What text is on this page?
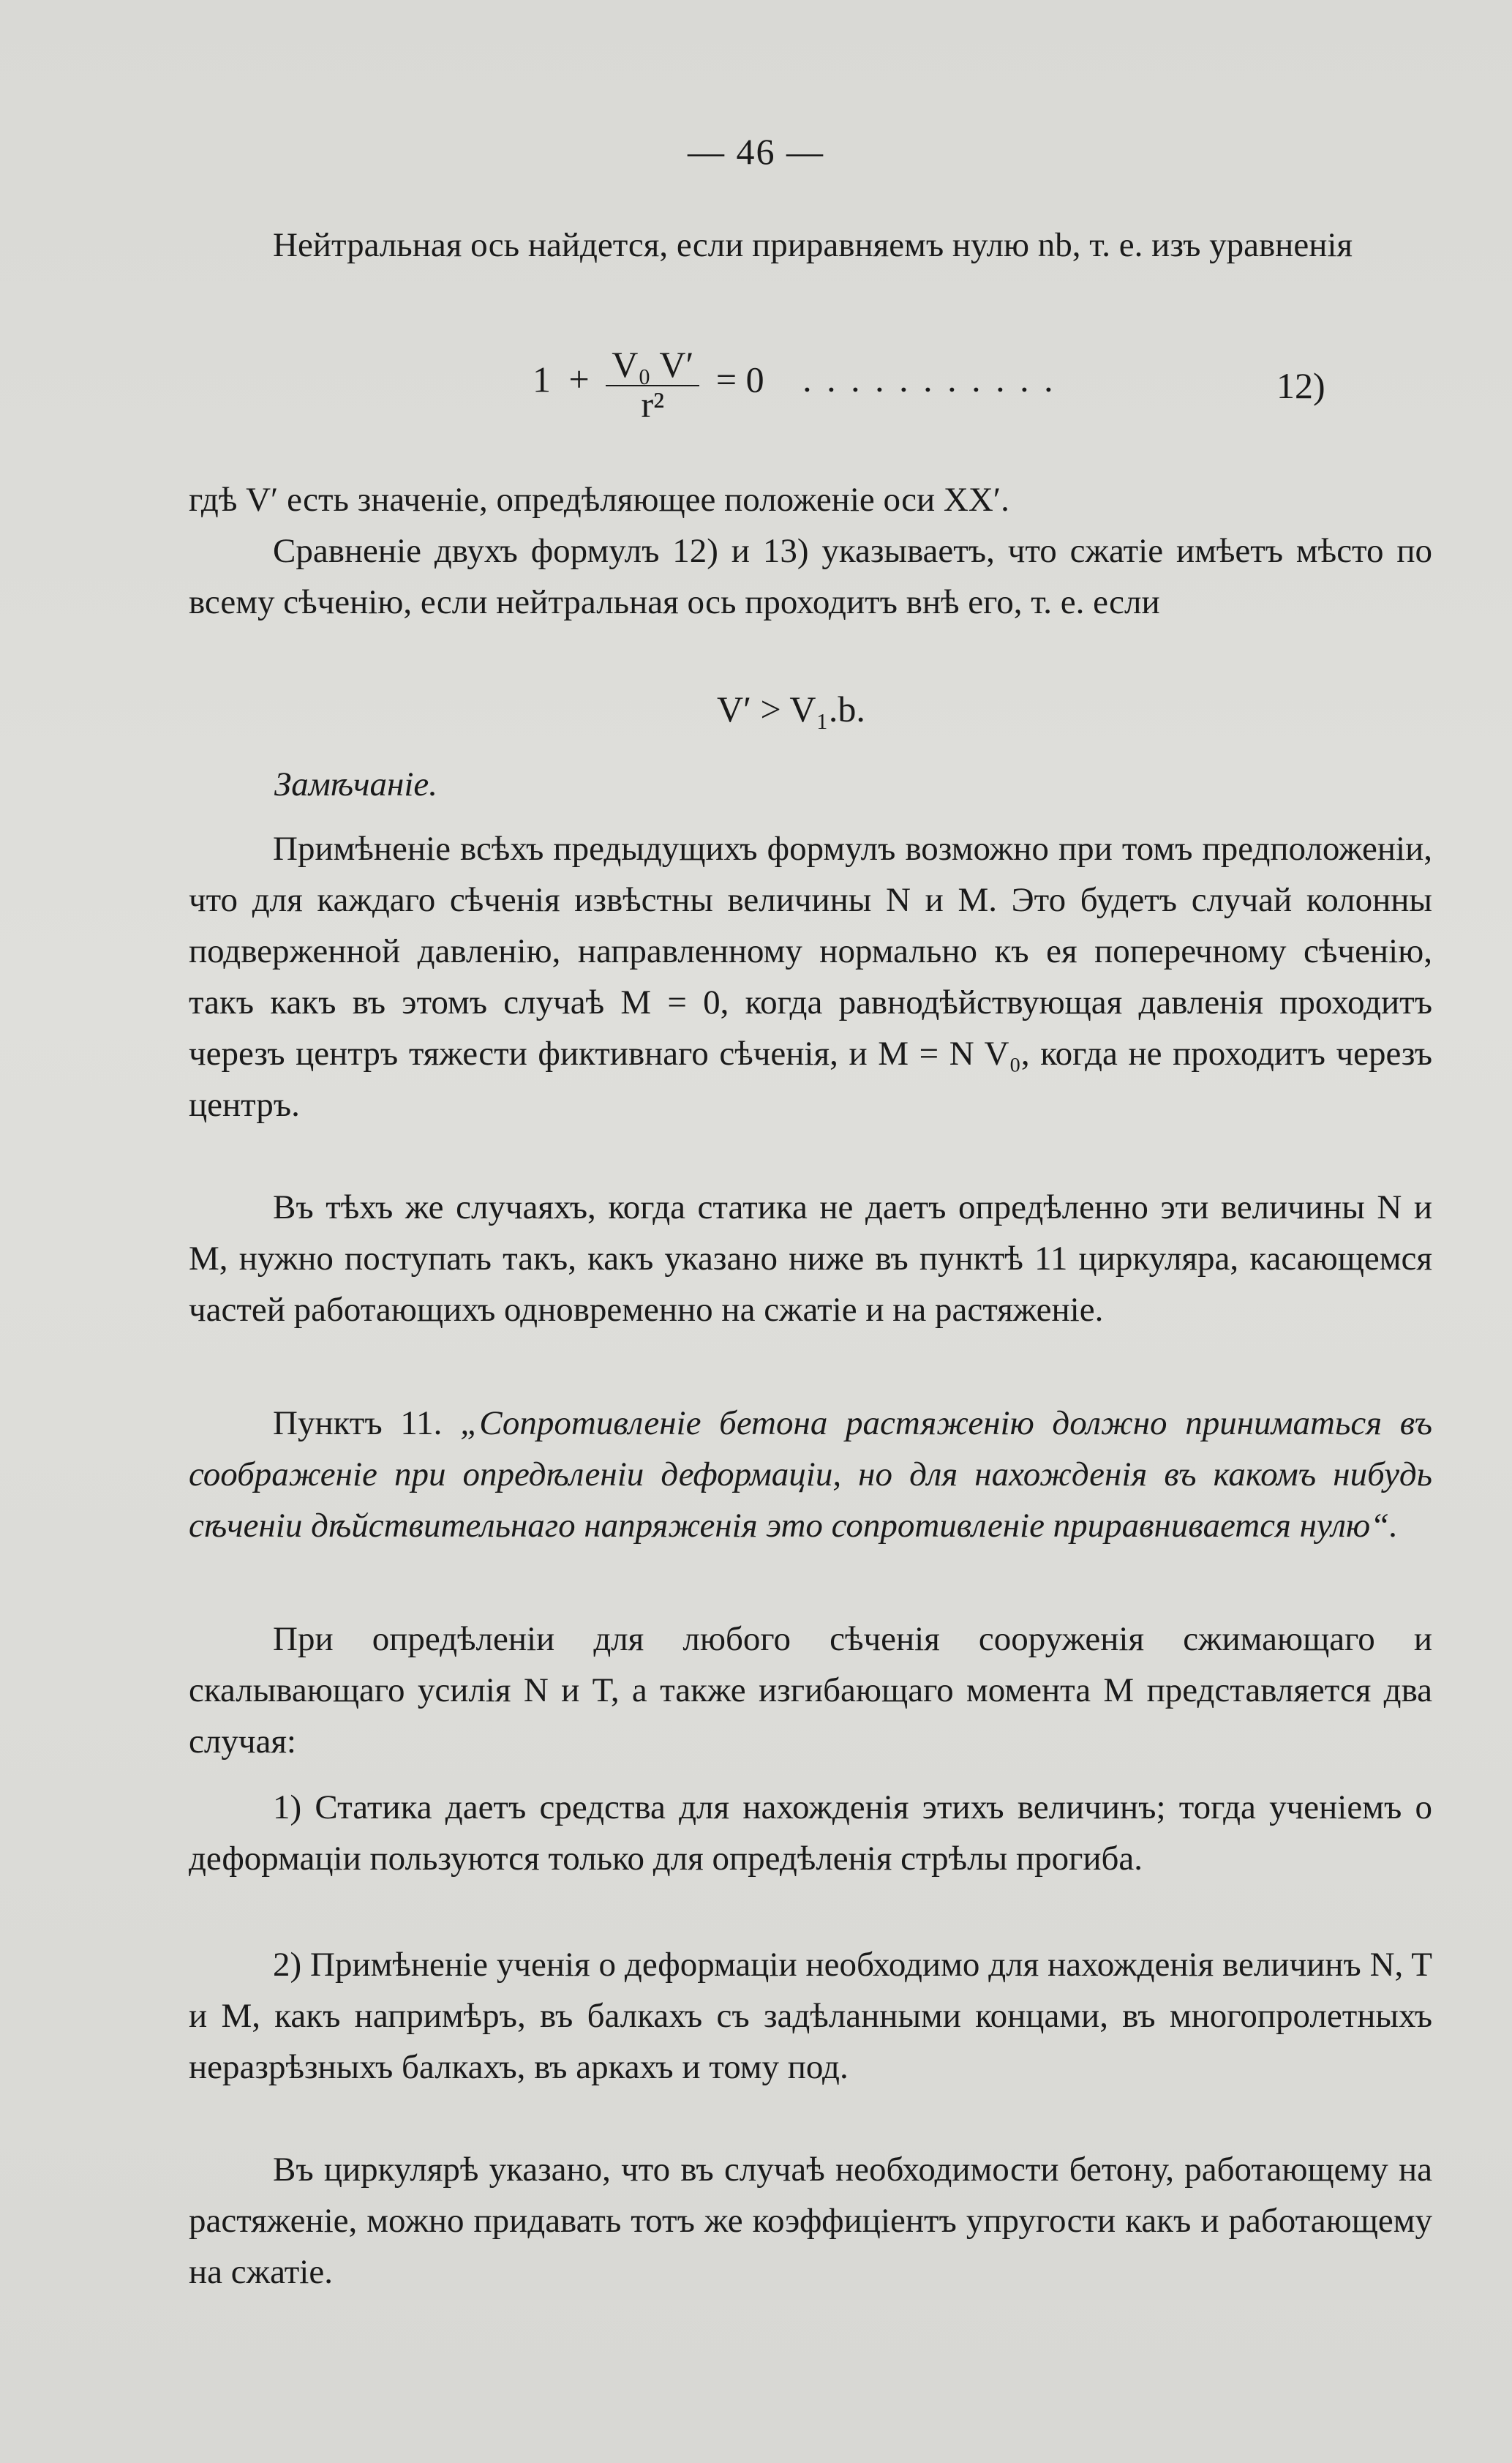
— 46 —

Нейтральная ось найдется, если приравняемъ нулю nb, т. е. изъ уравненія

$1 + \frac{\text{V₀ V′}}{\text{r²}} = 0$ . . . . . . . . . . .	12)

гдѣ V′ есть значеніе, опредѣляющее положеніе оси XX′.

Сравненіе двухъ формулъ 12) и 13) указываетъ, что сжатіе имѣетъ мѣсто по всему сѣченію, если нейтральная ось проходитъ внѣ его, т. е. если

V′ > V₁.b.
Замѣчаніе.

Примѣненіе всѣхъ предыдущихъ формулъ возможно при томъ предположеніи, что для каждаго сѣченія извѣстны величины N и M. Это будетъ случай колонны подверженной давленію, направленному нормально къ ея поперечному сѣченію, такъ какъ въ этомъ случаѣ M = 0, когда равнодѣйствующая давленія проходитъ черезъ центръ тяжести фиктивнаго сѣченія, и M = N V₀, когда не проходитъ черезъ центръ.

Въ тѣхъ же случаяхъ, когда статика не даетъ опредѣленно эти величины N и M, нужно поступать такъ, какъ указано ниже въ пунктѣ 11 циркуляра, касающемся частей работающихъ одновременно на сжатіе и на растяженіе.

Пунктъ 11. „Сопротивленіе бетона растяженію должно приниматься въ соображеніе при опредѣленіи деформаціи, но для нахожденія въ какомъ нибудь сѣченіи дѣйствительнаго напряженія это сопротивленіе приравнивается нулю“.

При опредѣленіи для любого сѣченія сооруженія сжимающаго и скалывающаго усилія N и T, а также изгибающаго момента M представляется два случая:

1) Статика даетъ средства для нахожденія этихъ величинъ; тогда ученіемъ о деформаціи пользуются только для опредѣленія стрѣлы прогиба.

2) Примѣненіе ученія о деформаціи необходимо для нахожденія величинъ N, T и M, какъ напримѣръ, въ балкахъ съ задѣланными концами, въ многопролетныхъ неразрѣзныхъ балкахъ, въ аркахъ и тому под.

Въ циркулярѣ указано, что въ случаѣ необходимости бетону, работающему на растяженіе, можно придавать тотъ же коэффиціентъ упругости какъ и работающему на сжатіе.
